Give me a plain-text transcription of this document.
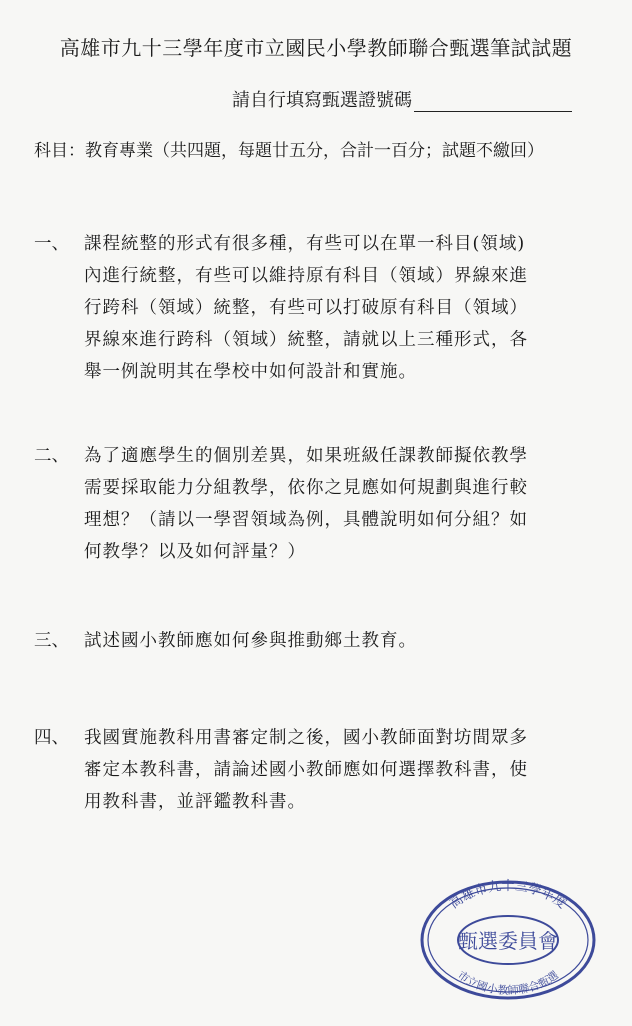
高雄市九十三學年度市立國民小學教師聯合甄選筆試試題
請自行填寫甄選證號碼
科目：教育專業（共四題，每題廿五分，合計一百分；試題不繳回）
一、 課程統整的形式有很多種，有些可以在單一科目(領域)
內進行統整，有些可以維持原有科目（領域）界線來進
行跨科（領域）統整，有些可以打破原有科目（領域）
界線來進行跨科（領域）統整，請就以上三種形式，各
舉一例說明其在學校中如何設計和實施。
二、 為了適應學生的個別差異，如果班級任課教師擬依教學
需要採取能力分組教學，依你之見應如何規劃與進行較
理想？（請以一學習領域為例，具體說明如何分組？如
何教學？以及如何評量？）
三、 試述國小教師應如何參與推動鄉土教育。
四、 我國實施教科用書審定制之後，國小教師面對坊間眾多
審定本教科書，請論述國小教師應如何選擇教科書，使
用教科書，並評鑑教科書。
高雄市九十三學年度
市立國小教師聯合甄選
甄選委員會
